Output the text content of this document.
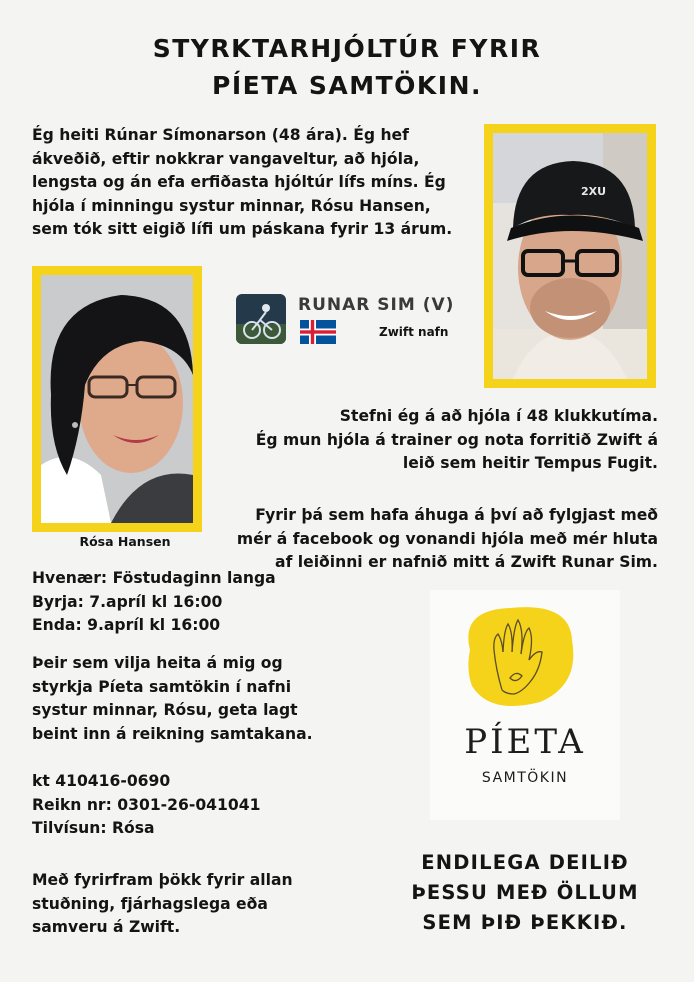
STYRKTARHJÓLTÚR FYRIR
PÍETA SAMTÖKIN.
Ég heiti Rúnar Símonarson (48 ára). Ég hef
ákveðið, eftir nokkrar vangaveltur, að hjóla,
lengsta og án efa erfiðasta hjóltúr lífs míns. Ég
hjóla í minningu systur minnar, Rósu Hansen,
sem tók sitt eigið lífi um páskana fyrir 13 árum.
2XU
Rósa Hansen
RUNAR SIM (V)
Zwift nafn
Stefni ég á að hjóla í 48 klukkutíma.
Ég mun hjóla á trainer og nota forritið Zwift á
leið sem heitir Tempus Fugit.
Fyrir þá sem hafa áhuga á því að fylgjast með
mér á facebook og vonandi hjóla með mér hluta
af leiðinni er nafnið mitt á Zwift Runar Sim.
Hvenær: Föstudaginn langa
Byrja: 7.apríl kl 16:00
Enda: 9.apríl kl 16:00
Þeir sem vilja heita á mig og
styrkja Píeta samtökin í nafni
systur minnar, Rósu, geta lagt
beint inn á reikning samtakana.
kt 410416-0690
Reikn nr: 0301-26-041041
Tilvísun: Rósa
Með fyrirfram þökk fyrir allan
stuðning, fjárhagslega eða
samveru á Zwift.
PÍETA
SAMTÖKIN
ENDILEGA DEILIÐ
ÞESSU MEÐ ÖLLUM
SEM ÞIÐ ÞEKKIÐ.
